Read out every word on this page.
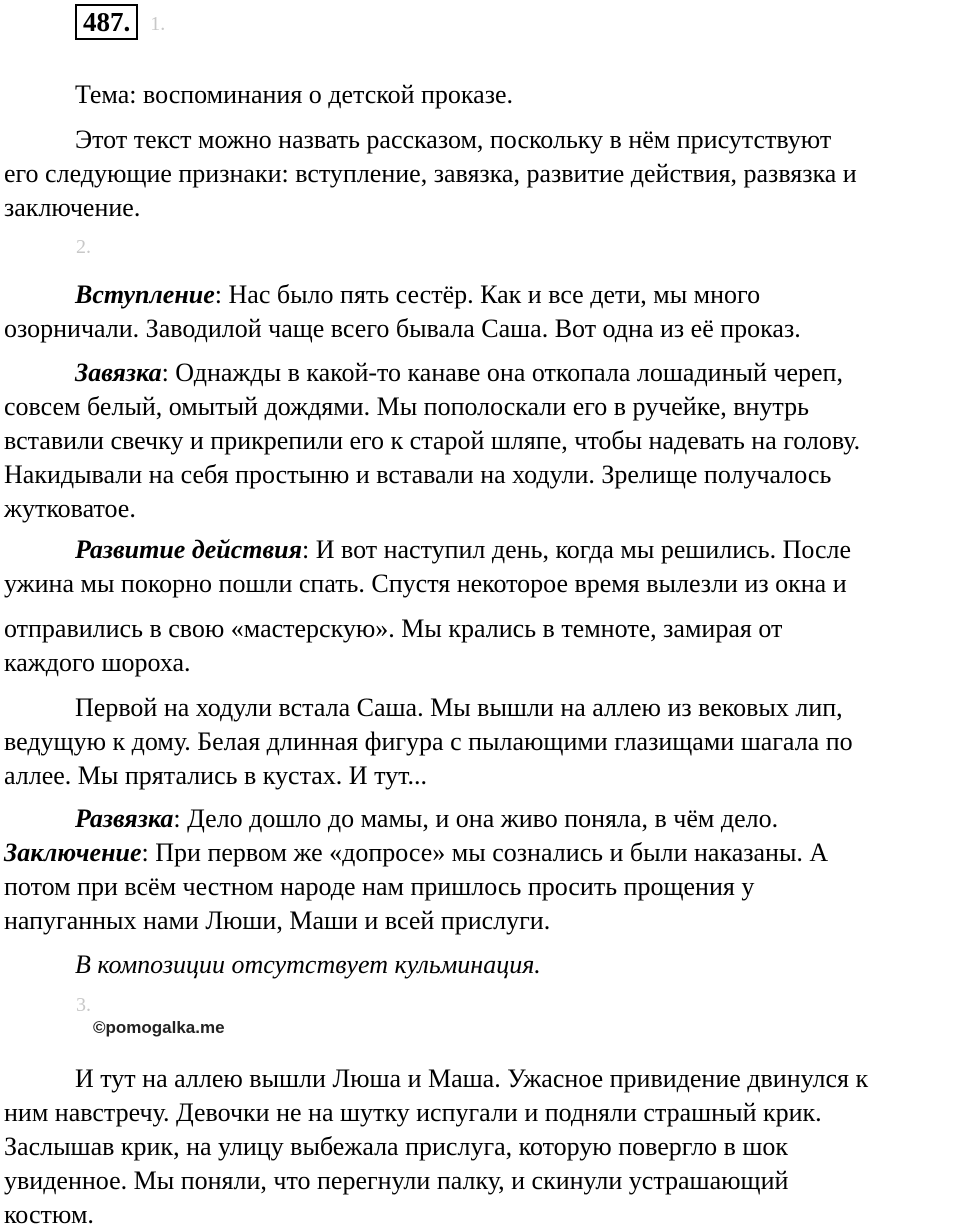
487. 1.

Тема: воспоминания о детской проказе.

Этот текст можно назвать рассказом, поскольку в нём присутствуют
его следующие признаки: вступление, завязка, развитие действия, развязка и
заключение.

2.

Вступление: Нас было пять сестёр. Как и все дети, мы много
озорничали. Заводилой чаще всего бывала Саша. Вот одна из её проказ.

Завязка: Однажды в какой-то канаве она откопала лошадиный череп,
совсем белый, омытый дождями. Мы пополоскали его в ручейке, внутрь
вставили свечку и прикрепили его к старой шляпе, чтобы надевать на голову.
Накидывали на себя простыню и вставали на ходули. Зрелище получалось
жутковатое.

Развитие действия: И вот наступил день, когда мы решились. После
ужина мы покорно пошли спать. Спустя некоторое время вылезли из окна и

отправились в свою «мастерскую». Мы крались в темноте, замирая от
каждого шороха.

Первой на ходули встала Саша. Мы вышли на аллею из вековых лип,
ведущую к дому. Белая длинная фигура с пылающими глазищами шагала по
аллее. Мы прятались в кустах. И тут...

Развязка: Дело дошло до мамы, и она живо поняла, в чём дело.

Заключение: При первом же «допросе» мы сознались и были наказаны. А
потом при всём честном народе нам пришлось просить прощения у
напуганных нами Люши, Маши и всей прислуги.

В композиции отсутствует кульминация.

3.
©pomogalka.me

И тут на аллею вышли Люша и Маша. Ужасное привидение двинулся к
ним навстречу. Девочки не на шутку испугали и подняли страшный крик.
Заслышав крик, на улицу выбежала прислуга, которую повергло в шок
увиденное. Мы поняли, что перегнули палку, и скинули устрашающий
костюм.
